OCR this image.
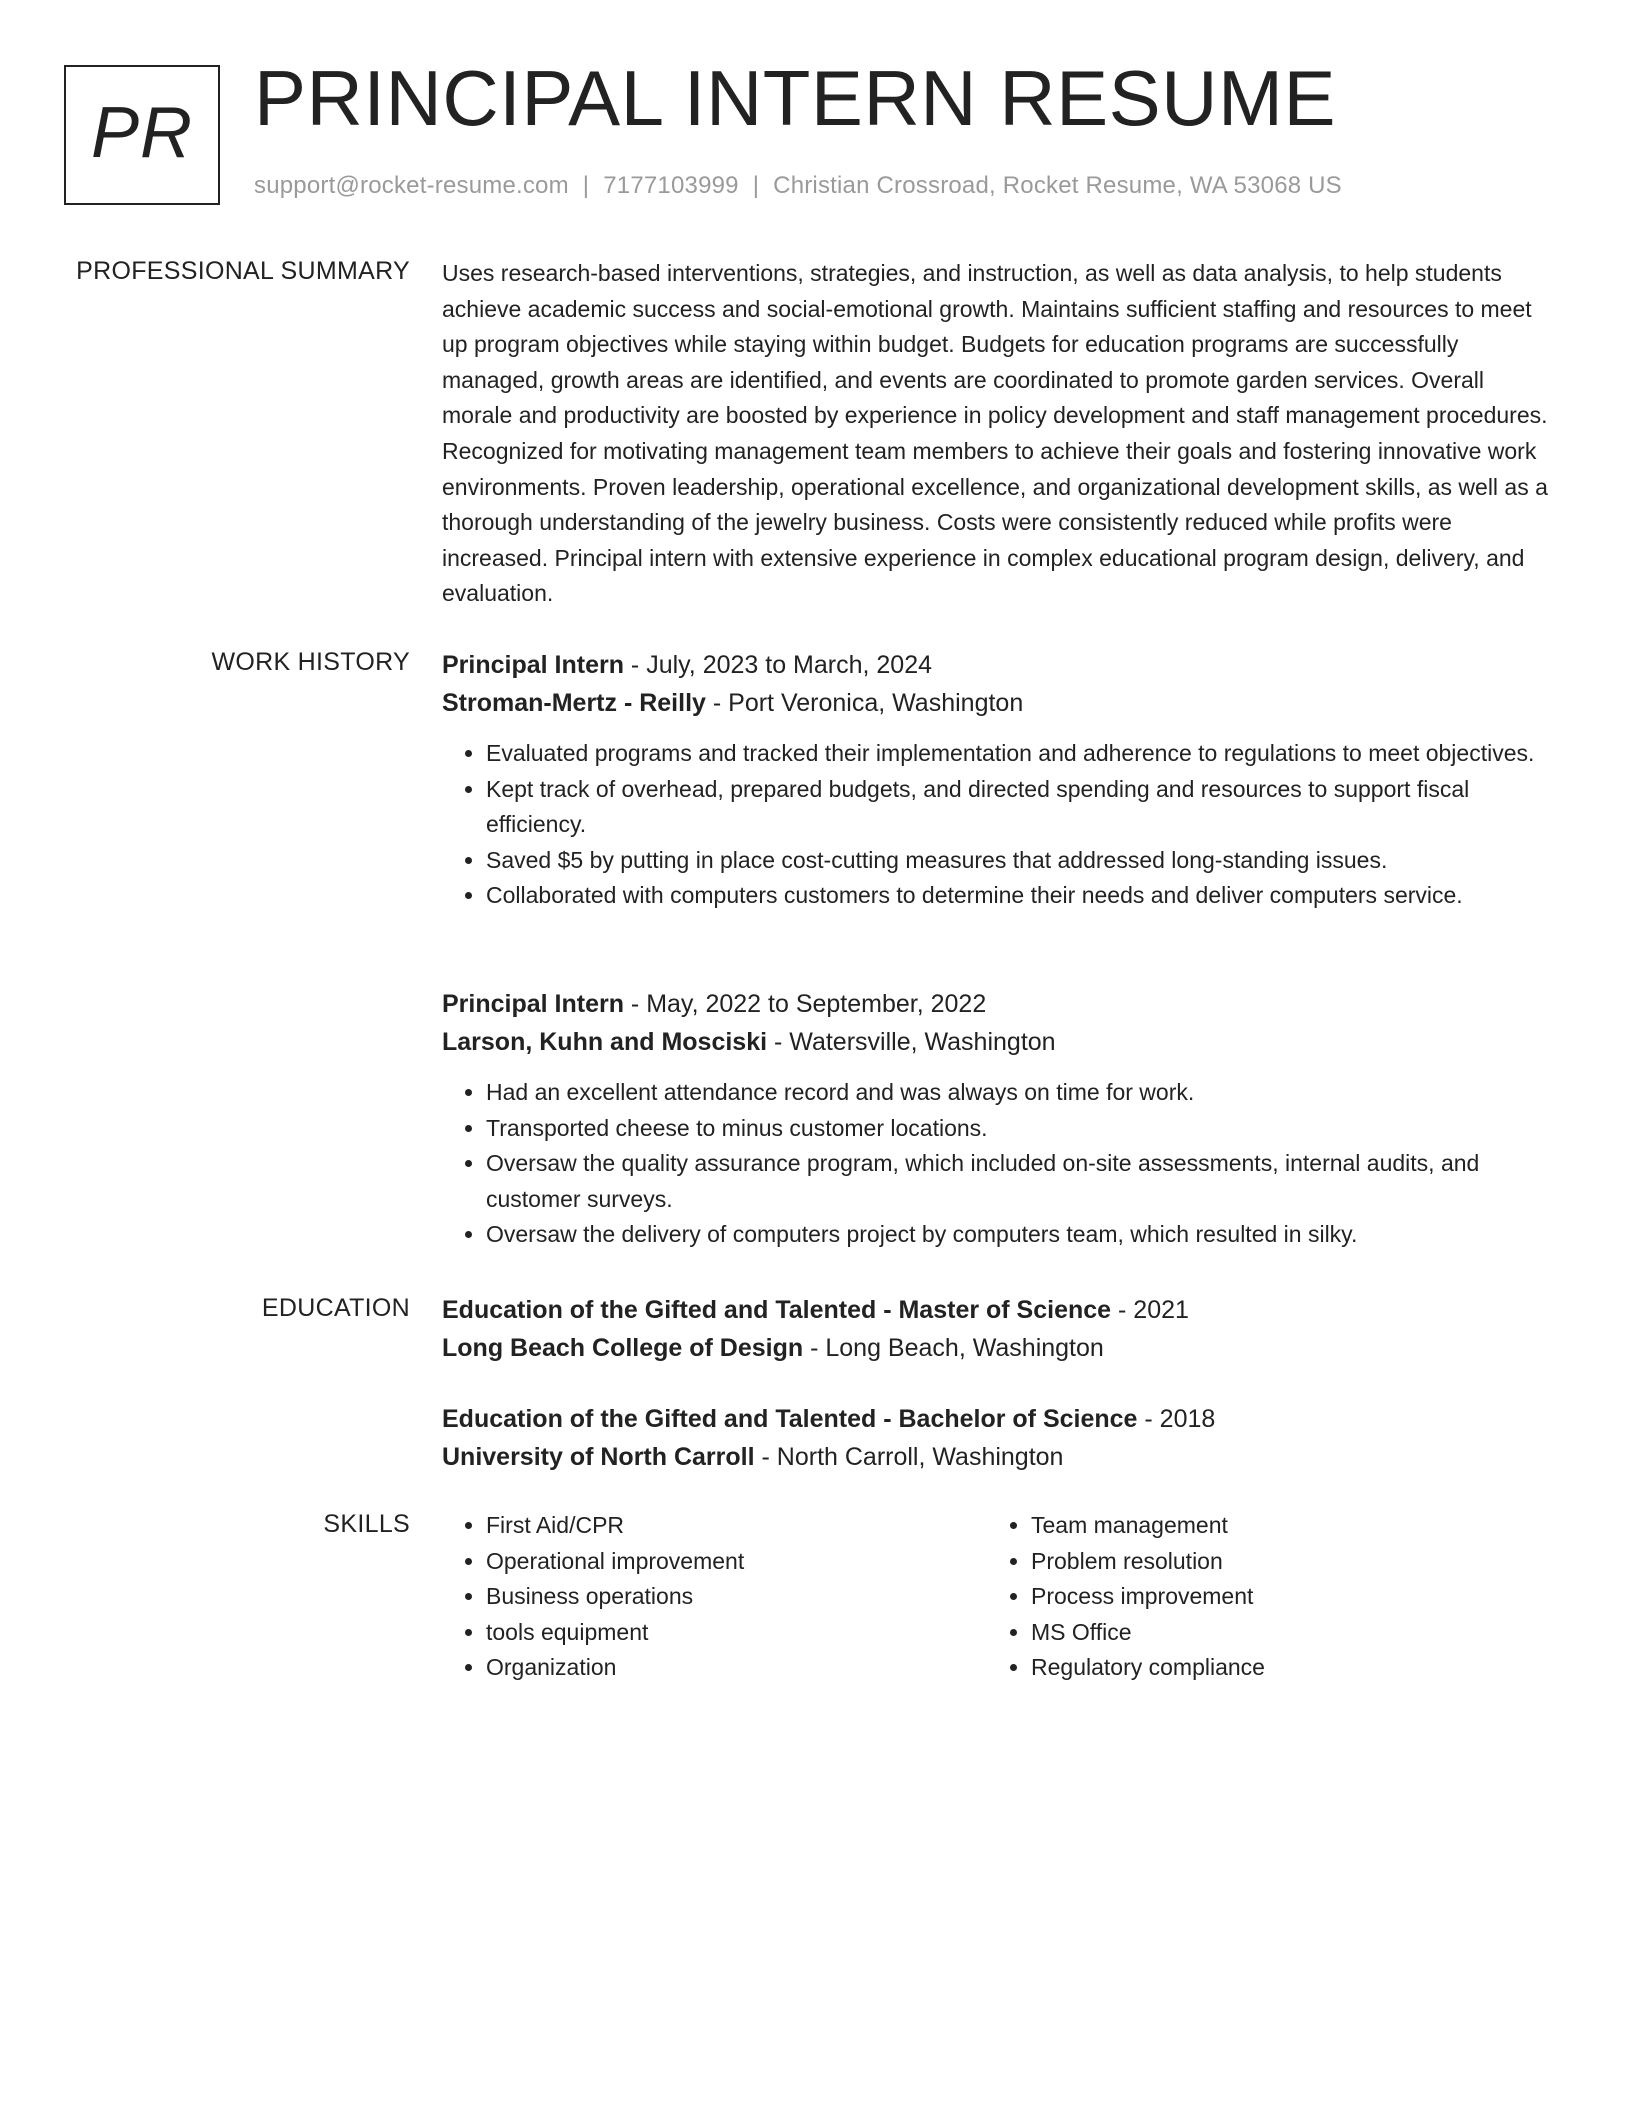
PR PRINCIPAL INTERN RESUME
support@rocket-resume.com | 7177103999 | Christian Crossroad, Rocket Resume, WA 53068 US
PROFESSIONAL SUMMARY Uses research-based interventions, strategies, and instruction, as well as data analysis, to help students achieve academic success and social-emotional growth. Maintains sufficient staffing and resources to meet up program objectives while staying within budget. Budgets for education programs are successfully managed, growth areas are identified, and events are coordinated to promote garden services. Overall morale and productivity are boosted by experience in policy development and staff management procedures. Recognized for motivating management team members to achieve their goals and fostering innovative work environments. Proven leadership, operational excellence, and organizational development skills, as well as a thorough understanding of the jewelry business. Costs were consistently reduced while profits were increased. Principal intern with extensive experience in complex educational program design, delivery, and evaluation.

WORK HISTORY Principal Intern - July, 2023 to March, 2024
Stroman-Mertz - Reilly - Port Veronica, Washington
• Evaluated programs and tracked their implementation and adherence to regulations to meet objectives.
• Kept track of overhead, prepared budgets, and directed spending and resources to support fiscal efficiency.
• Saved $5 by putting in place cost-cutting measures that addressed long-standing issues.
• Collaborated with computers customers to determine their needs and deliver computers service.
Principal Intern - May, 2022 to September, 2022
Larson, Kuhn and Mosciski - Watersville, Washington
• Had an excellent attendance record and was always on time for work.
• Transported cheese to minus customer locations.
• Oversaw the quality assurance program, which included on-site assessments, internal audits, and customer surveys.
• Oversaw the delivery of computers project by computers team, which resulted in silky.
EDUCATION Education of the Gifted and Talented - Master of Science - 2021
Long Beach College of Design - Long Beach, Washington
Education of the Gifted and Talented - Bachelor of Science - 2018
University of North Carroll - North Carroll, Washington
SKILLS
•	First Aid/CPR
• Operational improvement
• Business operations
• tools equipment
• Organization
• Team management
• Problem resolution
• Process improvement
• MS Office
• Regulatory compliance
